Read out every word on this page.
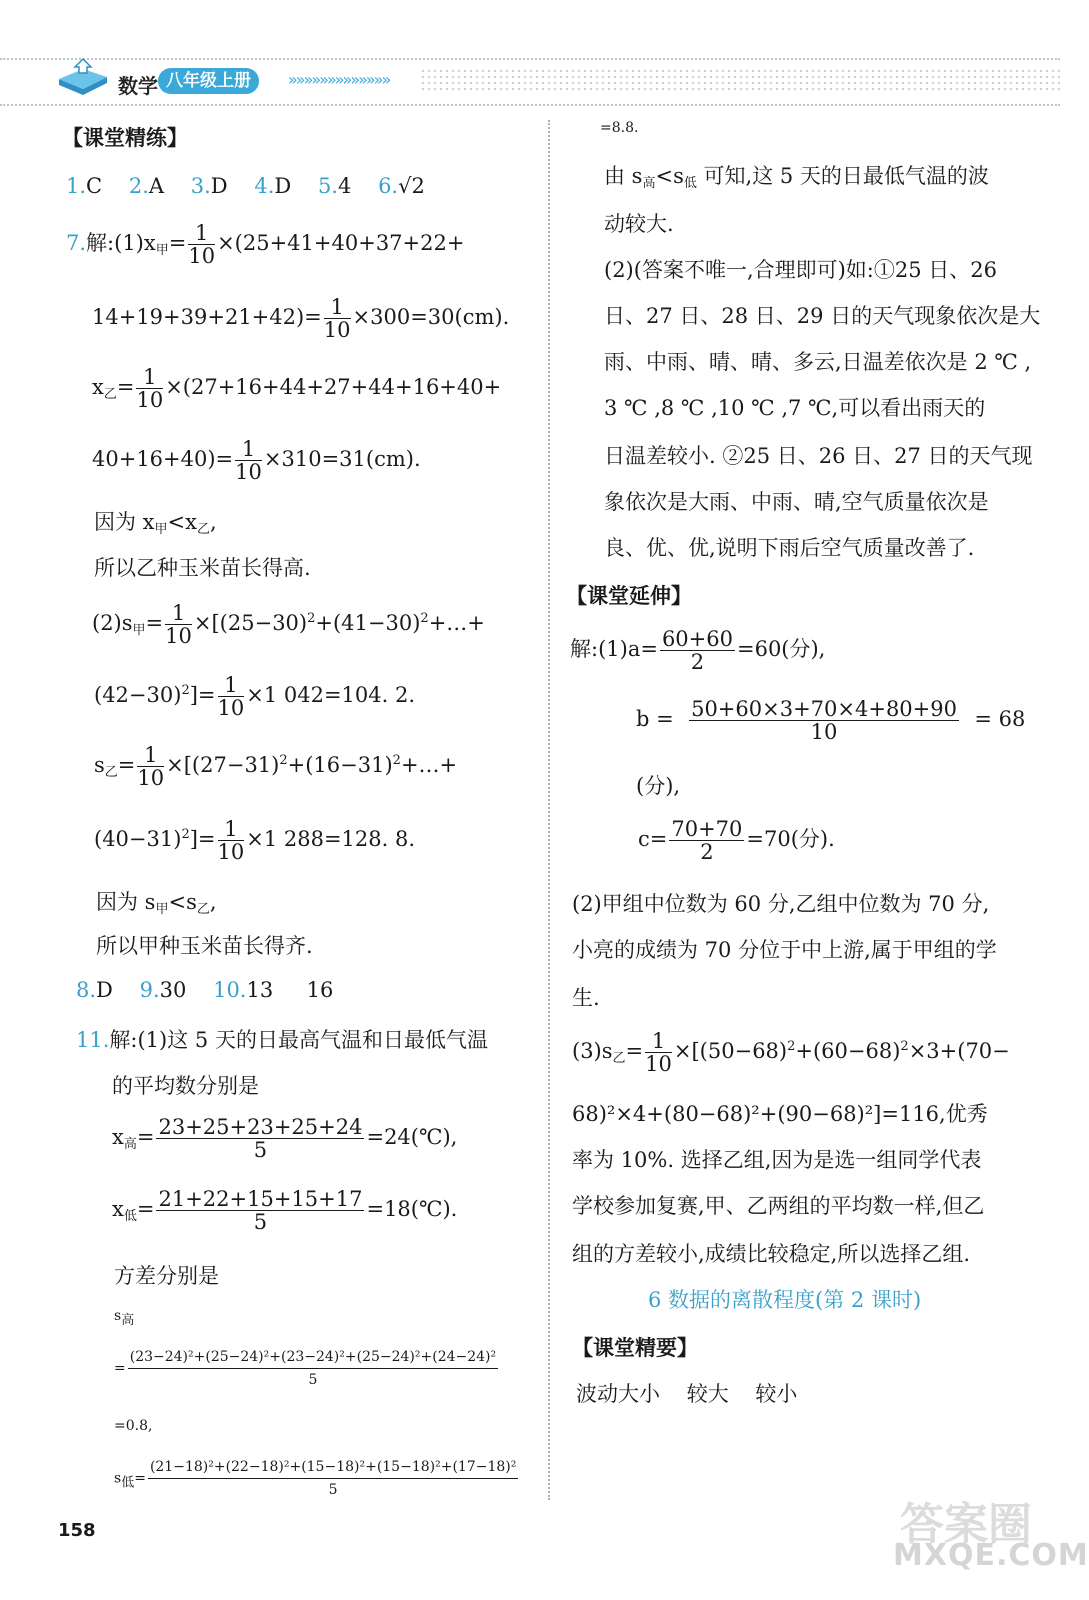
数学 八年级上册	»»»»»»»»»»»»»
【课堂精练】
1.C 2.A 3.D 4.D 5.4 6.√2
7.解$:(1)x_甲= \frac{1}{10} \times(25+41+40+37+22+$
$14+19+39+21+42)= \frac{1}{10} \times 300=30(cm)$.
$x_乙= \frac{1}{10} \times(27+16+44+27+44+16+40+$
$40+16+40)= \frac{1}{10} \times 310=31(cm)$.
因为 $x_甲<x_乙$,
所以乙种玉米苗长得高.
$(2)s_甲= \frac{1}{10}$ $\times[(25-30)^2+(41-30)^2+\dots+$
$(42-30)^2]= \frac{1}{10} \times 1$ 042=104. 2.
$s_乙= \frac{1}{10}$ $\times[(27-31)^2+(16-31)^2+\dots+$
$(40-31)^2]= \frac{1}{10} \times 1$ 288=128. 8.
因为 $s_甲<s_乙$,
所以甲种玉米苗长得齐.
8.D 9.30 10.13 16
11.解:(1)这 5 天的日最高气温和日最低气温
的平均数分别是
$x_高= \frac{23+25+23+25+24}{5}$ =24(℃),
$x_低= \frac{21+22+15+15+17}{5}$ =18(℃).
方差分别是
s高
= $\frac{\text{(23−24)²+(25−24)²+(23−24)²+(25−24)²+(24−24)²}}{5}$
=0.8,
s低= $\frac{\text{(21−18)²+(22−18)²+(15−18)²+(15−18)²+(17−18)²}}{5}$
158
=8.8.
由 $s_高<s_低$ 可知,这 5 天的日最低气温的波
动较大.
(2)(答案不唯一,合理即可)如:①25 日、26
日、27 日、28 日、29 日的天气现象依次是大
雨、中雨、晴、晴、多云,日温差依次是 2 ℃ ,
3 ℃ ,8 ℃ ,10 ℃ ,7 ℃,可以看出雨天的
日温差较小. ②25 日、26 日、27 日的天气现
象依次是大雨、中雨、晴,空气质量依次是
良、优、优,说明下雨后空气质量改善了.
【课堂延伸】
解:(1)a= $\frac{60+60}{2} =60$(分),
$b = \frac{50+60\times 3+70\times 4+80+90}{10} = 68$
(分),
$c= \frac{70+70}{2} =70$(分).
(2)甲组中位数为 60 分,乙组中位数为 70 分,
小亮的成绩为 70 分位于中上游,属于甲组的学
生.
$(3)s_乙= \frac{1}{10} \times[(50-68)^2+(60-68)^2\times 3+(70-$
68)²×4+(80−68)²+(90−68)²]=116,优秀
率为 10%. 选择乙组,因为是选一组同学代表
学校参加复赛,甲、乙两组的平均数一样,但乙
组的方差较小,成绩比较稳定,所以选择乙组.
6 数据的离散程度(第 2 课时)
【课堂精要】
波动大小    较大    较小
答案圈
MXQE.COM
